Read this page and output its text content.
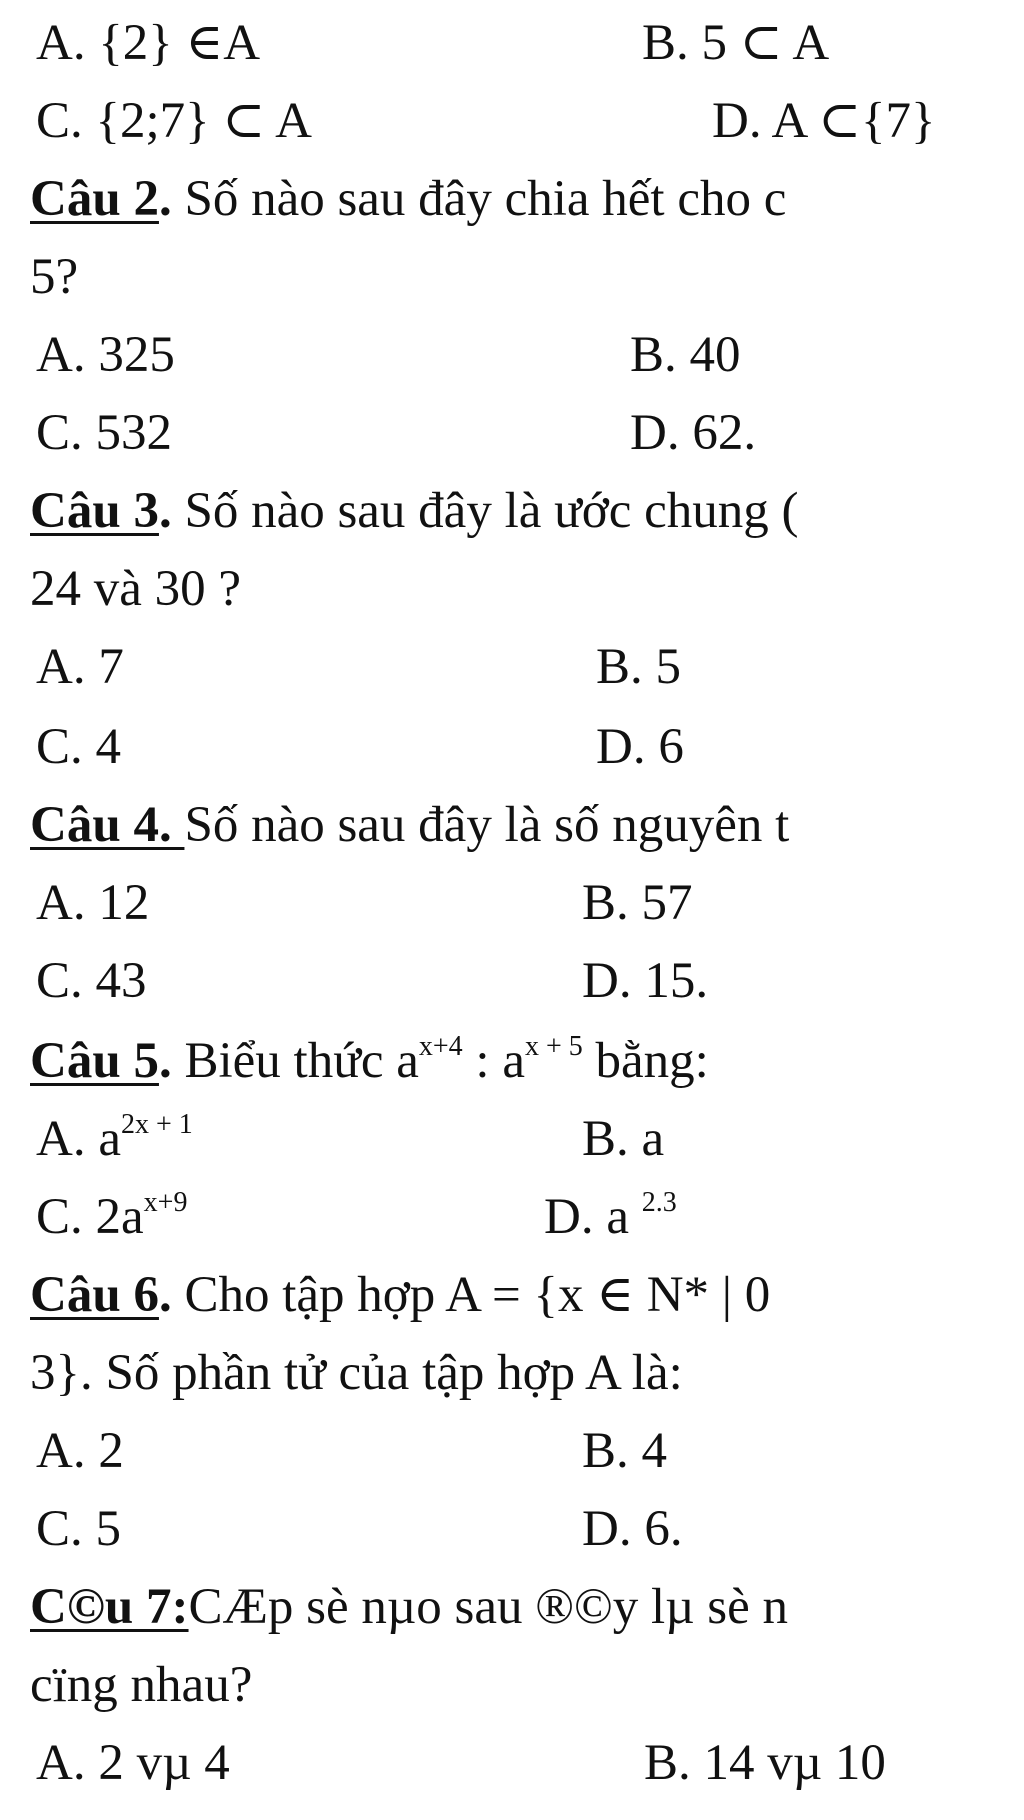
A. {2} ∈A	B. 5 ⊂ A
C. {2;7} ⊂ A	D. A ⊂{7}
Câu 2. Số nào sau đây chia hết cho c
5?
A. 325	B. 40
C. 532	D. 62.
Câu 3. Số nào sau đây là ước chung (
24 và 30 ?
A. 7	B. 5
C. 4	D. 6
Câu 4. Số nào sau đây là số nguyên t
A. 12	B. 57
C. 43	D. 15.
Câu 5. Biểu thức $a^{x+4}$ : $a^{x + 5}$ bằng:
A. $a^{2x + 1}$	B. a
C. $2a^{x+9}$	D. a $^{2.3}$
Câu 6. Cho tập hợp A = {x ∈ N* | 0
3}. Số phần tử của tập hợp A là:
A. 2	B. 4
C. 5	D. 6.
C©u 7:CÆp sè nµo sau ®©y lµ sè n
cïng nhau?
A. 2 vµ 4	B. 14 vµ 10
